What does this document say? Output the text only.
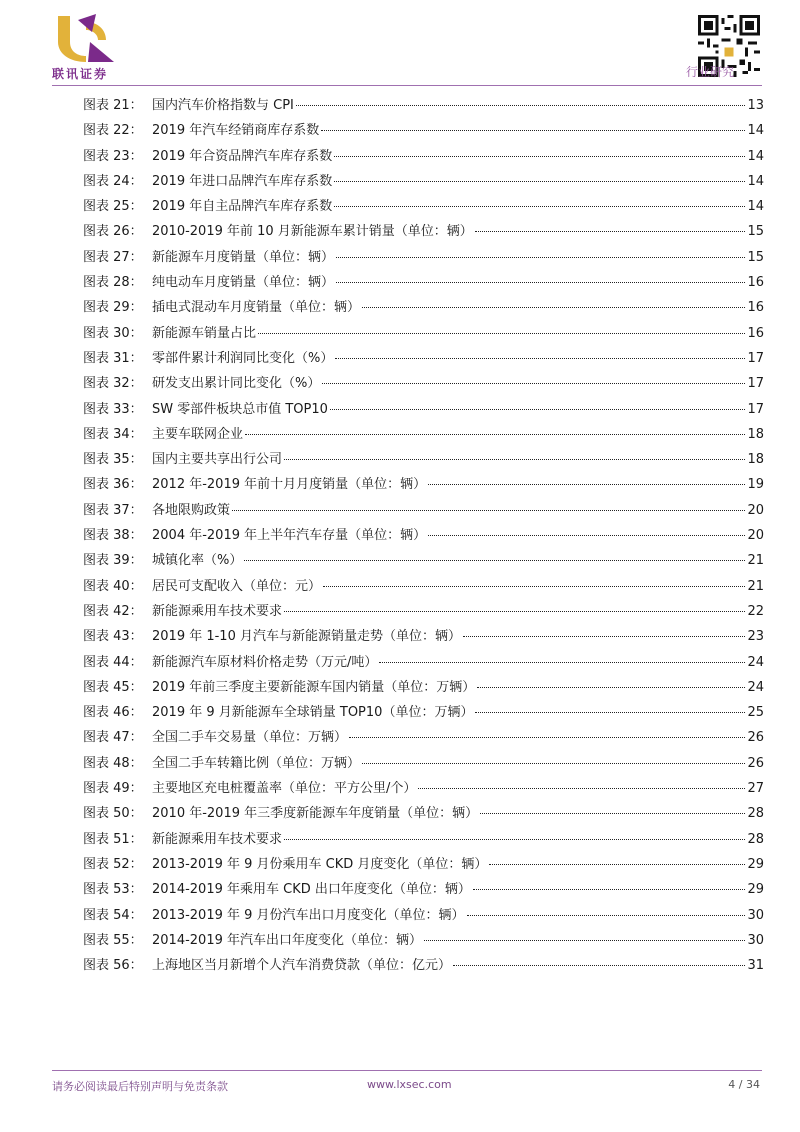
联讯证券	行业研究
图表 21： 国内汽车价格指数与 CPI	13
图表 22： 2019 年汽车经销商库存系数	14
图表 23： 2019 年合资品牌汽车库存系数	14
图表 24： 2019 年进口品牌汽车库存系数	14
图表 25： 2019 年自主品牌汽车库存系数	14
图表 26： 2010-2019 年前 10 月新能源车累计销量（单位：辆）	15
图表 27： 新能源车月度销量（单位：辆）	15
图表 28： 纯电动车月度销量（单位：辆）	16
图表 29： 插电式混动车月度销量（单位：辆）	16
图表 30： 新能源车销量占比	16
图表 31： 零部件累计利润同比变化（%）	17
图表 32： 研发支出累计同比变化（%）	17
图表 33： SW 零部件板块总市值 TOP10	17
图表 34： 主要车联网企业	18
图表 35： 国内主要共享出行公司	18
图表 36： 2012 年-2019 年前十月月度销量（单位：辆）	19
图表 37： 各地限购政策	20
图表 38： 2004 年-2019 年上半年汽车存量（单位：辆）	20
图表 39： 城镇化率（%）	21
图表 40： 居民可支配收入（单位：元）	21
图表 42： 新能源乘用车技术要求	22
图表 43： 2019 年 1-10 月汽车与新能源销量走势（单位：辆）	23
图表 44： 新能源汽车原材料价格走势（万元/吨）	24
图表 45： 2019 年前三季度主要新能源车国内销量（单位：万辆）	24
图表 46： 2019 年 9 月新能源车全球销量 TOP10（单位：万辆）	25
图表 47： 全国二手车交易量（单位：万辆）	26
图表 48： 全国二手车转籍比例（单位：万辆）	26
图表 49： 主要地区充电桩覆盖率（单位：平方公里/个）	27
图表 50： 2010 年-2019 年三季度新能源车年度销量（单位：辆）	28
图表 51： 新能源乘用车技术要求	28
图表 52： 2013-2019 年 9 月份乘用车 CKD 月度变化（单位：辆）	29
图表 53： 2014-2019 年乘用车 CKD 出口年度变化（单位：辆）	29
图表 54： 2013-2019 年 9 月份汽车出口月度变化（单位：辆）	30
图表 55： 2014-2019 年汽车出口年度变化（单位：辆）	30
图表 56： 上海地区当月新增个人汽车消费贷款（单位：亿元）	31
请务必阅读最后特别声明与免责条款	www.lxsec.com	4 / 34
